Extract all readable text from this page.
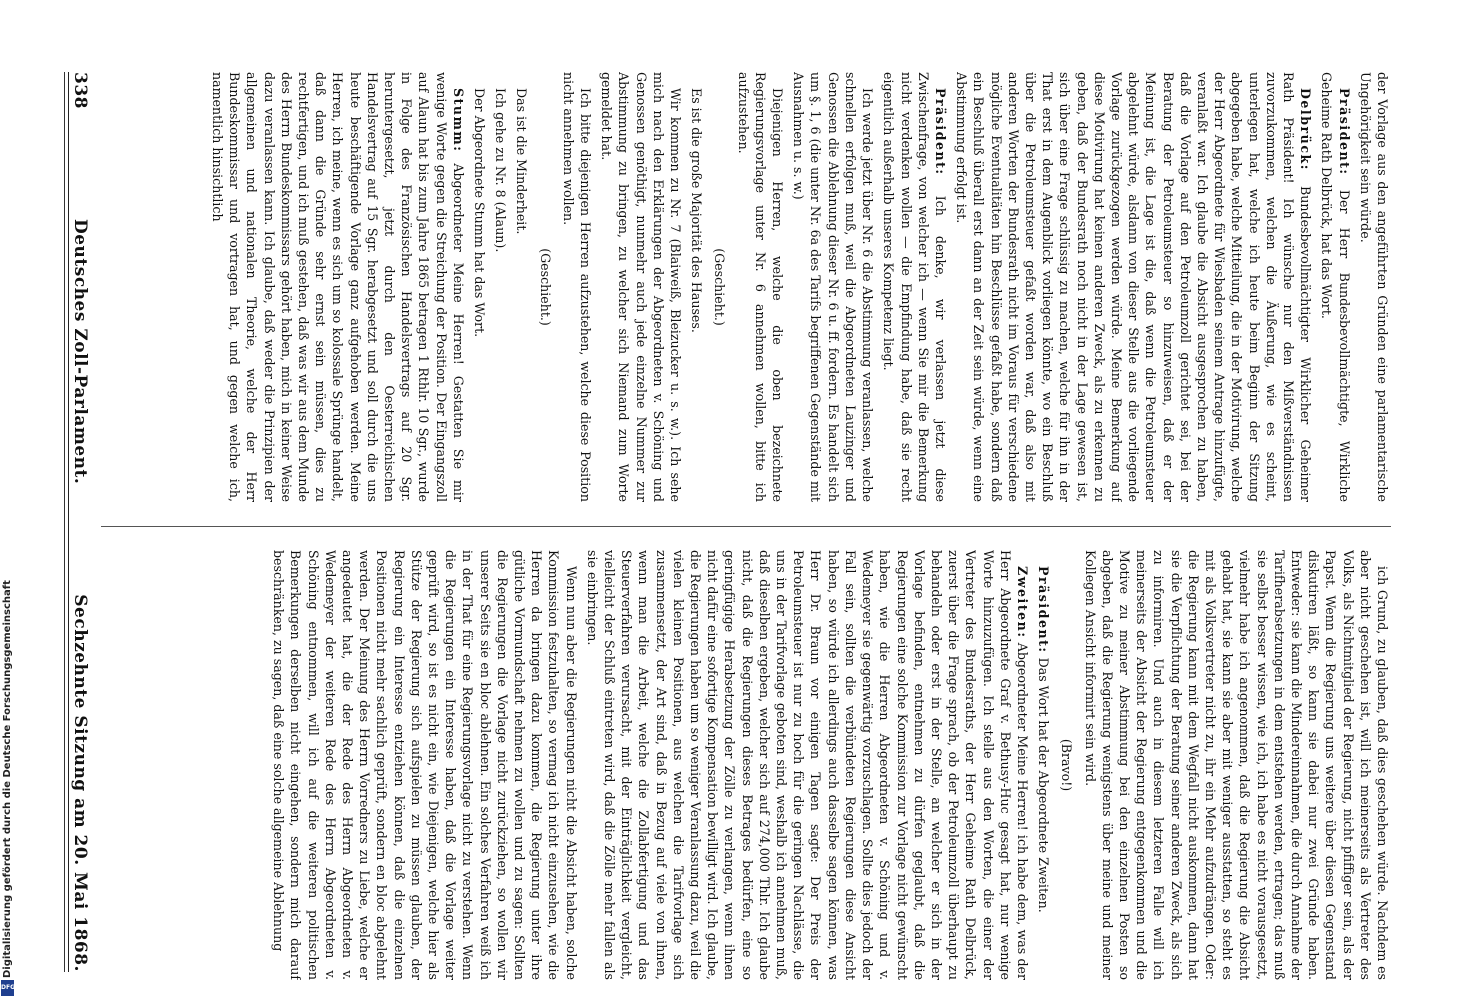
338
Deutsches Zoll-Parlament.
Sechzehnte Sitzung am 20. Mai 1868.	ich Grund, zu glauben, daß dies geschehen würde. Nachdem es aber nicht geschehen ist, will ich meinerseits als Vertreter des Volks, als Nichtmitglied der Regierung, nicht pfiffiger sein, als der Papst. Wenn die Regierung uns weitere über diesen Gegenstand diskutiren läßt, so kann sie dabei nur zwei Gründe haben. Entweder: sie kann die Mindereinnahmen, die durch Annahme der Tarifherabsetzungen in dem entstehen werden, ertragen; das muß sie selbst besser wissen, wie ich, ich habe es nicht vorausgesetzt, vielmehr habe ich angenommen, daß die Regierung die Absicht gehabt hat, sie kann sie aber mit weniger ausstatten, so steht es mit als Volksvertreter nicht zu, ihr ein Mehr aufzudrängen. Oder: die Regierung kann mit dem Wegfall nicht auskommen, dann hat sie die Verpflichtung der Beratung seiner anderen Zweck, als sich zu informiren. Und auch in diesem letzteren Falle will ich meinerseits der Absicht der Regierung entgegenkommen und die Motive zu meiner Abstimmung bei den einzelnen Posten so abgeben, daß die Regierung wenigstens über meine und meiner Kollegen Ansicht informirt sein wird.

(Bravo!)

Präsident: Das Wort hat der Abgeordnete Zweiten.

Zweiten: Abgeordneter Meine Herren! ich habe dem, was der Herr Abgeordnete Graf v. Bethusy-Huc gesagt hat, nur wenige Worte hinzuzufügen. Ich stelle aus den Worten, die einer der Vertreter des Bundesraths, der Herr Geheime Rath Delbrück, zuerst über die Frage sprach, ob der Petroleumzoll überhaupt zu behandeln oder erst in der Stelle, an welcher er sich in der Vorlage befinden, entnehmen zu dürfen geglaubt, daß die Regierungen eine solche Kommission zur Vorlage nicht gewünscht haben, wie die Herren Abgeordneten v. Schöning und v. Wedemeyer sie gegenwärtig vorzuschlagen. Sollte dies jedoch der Fall sein, sollten die verbündeten Regierungen diese Ansicht haben, so würde ich allerdings auch dasselbe sagen können, was Herr Dr. Braun vor einigen Tagen sagte: Der Preis der Petroleumsteuer ist nur zu hoch für die geringen Nachlässe, die uns in der Tarifvorlage geboten sind, weshalb ich annehmen muß, daß dieselben ergeben, welcher sich auf 274,000 Thlr. Ich glaube nicht, daß die Regierungen dieses Betrages bedürfen, eine so geringfügige Herabsetzung der Zölle zu verlangen, wenn ihnen nicht dafür eine sofortige Kompensation bewilligt wird. Ich glaube, die Regierungen haben um so weniger Veranlassung dazu, weil die vielen kleinen Positionen, aus welchen die Tarifvorlage sich zusammensetzt, der Art sind, daß in Bezug auf viele von ihnen, wenn man die Arbeit, welche die Zollabfertigung und das Steuerverfahren verursacht, mit der Einträglichkeit vergleicht, vielleicht der Schluß eintreten wird, daß die Zölle mehr fallen als sie einbringen.

Wenn nun aber die Regierungen nicht die Absicht haben, solche Kommission festzuhalten, so vermag ich nicht einzusehen, wie die Herren da bringen dazu kommen, die Regierung unter ihre gütliche Vormundschaft nehmen zu wollen und zu sagen: Sollten die Regierungen die Vorlage nicht zurückziehen, so wollen wir unserer Seits sie en bloc ablehnen. Ein solches Verfahren weiß ich in der That für eine Regierungsvorlage nicht zu verstehen. Wenn die Regierungen ein Interesse haben, daß die Vorlage weiter geprüft wird, so ist es nicht ein, wie Diejenigen, welche hier als Stütze der Regierung sich aufspielen zu müssen glauben, der Regierung ein Interesse entziehen können, daß die einzelnen Positionen nicht mehr sachlich geprüft, sondern en bloc abgelehnt werden. Der Meinung des Herrn Vorredners zu Liebe, welche er angedeutet hat, die der Rede des Herrn Abgeordneten v. Wedemeyer der weiteren Rede des Herrn Abgeordneten v. Schöning entnommen, will ich auf die weiteren politischen Bemerkungen derselben nicht eingehen, sondern mich darauf beschränken, zu sagen, daß eine solche allgemeine Ablehnung

der Vorlage aus den angeführten Gründen eine parlamentarische Ungehörigkeit sein würde.

Präsident: Der Herr Bundesbevollmächtigte, Wirkliche Geheime Rath Delbrück, hat das Wort.

Delbrück: Bundesbevollmächtigter Wirklicher Geheimer Rath Präsident! Ich wünsche nur den Mißverständnissen zuvorzukommen, welchen die Äußerung, wie es scheint, unterlegen hat, welche ich heute beim Beginn der Sitzung abgegeben habe, welche Mitteilung, die in der Motivirung, welche der Herr Abgeordnete für Wiesbaden seinem Antrage hinzufügte, veranlaßt war. Ich glaube die Absicht ausgesprochen zu haben, daß die Vorlage auf den Petroleumzoll gerichtet sei, bei der Beratung der Petroleumsteuer so hinzuweisen, daß er der Meinung ist, die Lage ist die, daß wenn die Petroleumsteuer abgelehnt würde, alsdann von dieser Stelle aus die vorliegende Vorlage zurückgezogen werden würde. Meine Bemerkung auf diese Motivirung hat keinen anderen Zweck, als zu erkennen zu geben, daß der Bundesrath noch nicht in der Lage gewesen ist, sich über eine Frage schlüssig zu machen, welche für ihn in der That erst in dem Augenblick vorliegen könnte, wo ein Beschluß über die Petroleumsteuer gefaßt worden war, daß also mit anderen Worten der Bundesrath nicht im Voraus für verschiedene mögliche Eventualitäten hin Beschlüsse gefaßt habe, sondern daß ein Beschluß überall erst dann an der Zeit sein würde, wenn eine Abstimmung erfolgt ist.

Präsident: Ich denke, wir verlassen jetzt diese Zwischenfrage, von welcher ich — wenn Sie mir die Bemerkung nicht verdenken wollen — die Empfindung habe, daß sie recht eigentlich außerhalb unseres Kompetenz liegt.

Ich werde jetzt über Nr. 6 die Abstimmung veranlassen, welche schnellen erfolgen muß, weil die Abgeordneten Lauzinger und Genossen die Ablehnung dieser Nr. 6 u. ff. fordern. Es handelt sich um §. 1, 6 (die unter Nr. 6a des Tarifs begriffenen Gegenstände mit Ausnahmen u. s. w.)

Diejenigen Herren, welche die oben bezeichnete Regierungsvorlage unter Nr. 6 annehmen wollen, bitte ich aufzustehen.

(Geschieht.)

Es ist die große Majorität des Hauses.

Wir kommen zu Nr. 7 (Blaiweiß, Bleizucker u. s. w.). Ich sehe mich nach den Erklärungen der Abgeordneten v. Schöning und Genossen genöthigt, nunmehr auch jede einzelne Nummer zur Abstimmung zu bringen, zu welcher sich Niemand zum Worte gemeldet hat.

Ich bitte diejenigen Herren aufzustehen, welche diese Position nicht annehmen wollen.

(Geschieht.)

Das ist die Minderheit.

Ich gehe zu Nr. 8 (Alaun).

Der Abgeordnete Stumm hat das Wort.

Stumm: Abgeordneter Meine Herren! Gestatten Sie mir wenige Worte gegen die Streichung der Position. Der Eingangszoll auf Alaun hat bis zum Jahre 1865 betragen 1 Rthlr. 10 Sgr., wurde in Folge des Französischen Handelsvertrags auf 20 Sgr. heruntergesetzt, jetzt durch den Oesterreichischen Handelsvertrag auf 15 Sgr. herabgesetzt und soll durch die uns heute beschäftigende Vorlage ganz aufgehoben werden. Meine Herren, ich meine, wenn es sich um so kolossale Sprünge handelt, daß dann die Gründe sehr ernst sein müssen, dies zu rechtfertigen, und ich muß gestehen, daß was wir aus dem Munde des Herrn Bundeskommissars gehört haben, mich in keiner Weise dazu veranlassen kann. Ich glaube, daß weder die Prinzipien der allgemeinen und nationalen Theorie, welche der Herr Bundeskommissar und vortragen hat, und gegen welche ich, namentlich hinsichtlich

Digitalisierung gefördert durch die Deutsche Forschungsgemeinschaft
DFG
